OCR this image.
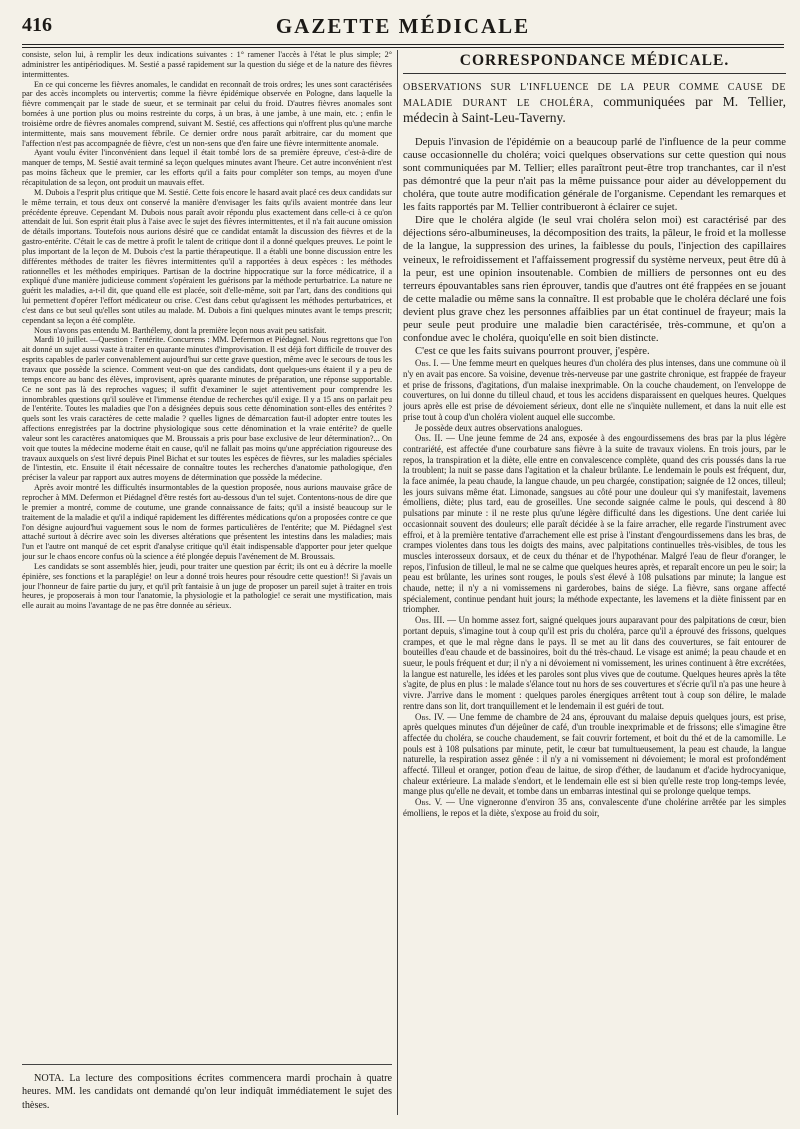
416	GAZETTE MÉDICALE

consiste, selon lui, à remplir les deux indications suivantes : 1° ramener l'accès à l'état le plus simple; 2° administrer les antipériodiques. M. Sestié a passé rapidement sur la question du siége et de la nature des fièvres intermittentes.

En ce qui concerne les fièvres anomales, le candidat en reconnaît de trois ordres; les unes sont caractérisées par des accès incomplets ou intervertis; comme la fièvre épidémique observée en Pologne, dans laquelle la fièvre commençait par le stade de sueur, et se terminait par celui du froid. D'autres fièvres anomales sont bornées à une portion plus ou moins restreinte du corps, à un bras, à une jambe, à une main, etc. ; enfin le troisième ordre de fièvres anomales comprend, suivant M. Sestié, ces affections qui n'offrent plus qu'une marche intermittente, mais sans mouvement fébrile. Ce dernier ordre nous paraît arbitraire, car du moment que l'affection n'est pas accompagnée de fièvre, c'est un non-sens que d'en faire une fièvre intermittente anomale.

Ayant voulu éviter l'inconvénient dans lequel il était tombé lors de sa première épreuve, c'est-à-dire de manquer de temps, M. Sestié avait terminé sa leçon quelques minutes avant l'heure. Cet autre inconvénient n'est pas moins fâcheux que le premier, car les efforts qu'il a faits pour compléter son temps, au moyen d'une récapitulation de sa leçon, ont produit un mauvais effet.

M. Dubois a l'esprit plus critique que M. Sestié. Cette fois encore le hasard avait placé ces deux candidats sur le même terrain, et tous deux ont conservé la manière d'envisager les faits qu'ils avaient montrée dans leur précédente épreuve. Cependant M. Dubois nous paraît avoir répondu plus exactement dans celle-ci à ce qu'on attendait de lui. Son esprit était plus à l'aise avec le sujet des fièvres intermittentes, et il n'a fait aucune omission de détails importans. Toutefois nous aurions désiré que ce candidat entamât la discussion des fièvres et de la gastro-entérite. C'était le cas de mettre à profit le talent de critique dont il a donné quelques preuves. Le point le plus important de la leçon de M. Dubois c'est la partie thérapeutique. Il a établi une bonne discussion entre les différentes méthodes de traiter les fièvres intermittentes qu'il a rapportées à deux espèces : les méthodes rationnelles et les méthodes empiriques. Partisan de la doctrine hippocratique sur la force médicatrice, il a expliqué d'une manière judicieuse comment s'opéraient les guérisons par la méthode perturbatrice. La nature ne guérit les maladies, a-t-il dit, que quand elle est placée, soit d'elle-même, soit par l'art, dans des conditions qui lui permettent d'opérer l'effort médicateur ou crise. C'est dans cebut qu'agissent les méthodes perturbatrices, et c'est dans ce but seul qu'elles sont utiles au malade. M. Dubois a fini quelques minutes avant le temps prescrit; cependant sa leçon a été complète.

Nous n'avons pas entendu M. Barthélemy, dont la première leçon nous avait peu satisfait.

Mardi 10 juillet. —Question : l'entérite. Concurrens : MM. Defermon et Piédagnel. Nous regrettons que l'on ait donné un sujet aussi vaste à traiter en quarante minutes d'improvisation. Il est déjà fort difficile de trouver des esprits capables de parler convenablement aujourd'hui sur cette grave question, même avec le secours de tous les travaux que possède la science. Comment veut-on que des candidats, dont quelques-uns étaient il y a peu de temps encore au banc des élèves, improvisent, après quarante minutes de préparation, une réponse supportable. Ce ne sont pas là des reproches vagues; il suffit d'examiner le sujet attentivement pour comprendre les innombrables questions qu'il soulève et l'immense étendue de recherches qu'il exige. Il y a 15 ans on parlait peu de l'entérite. Toutes les maladies que l'on a désignées depuis sous cette dénomination sont-elles des entérites ? quels sont les vrais caractères de cette maladie ? quelles lignes de démarcation faut-il adopter entre toutes les affections enregistrées par la doctrine physiologique sous cette dénomination et la vraie entérite? de quelle valeur sont les caractères anatomiques que M. Broussais a pris pour base exclusive de leur détermination?... On voit que toutes la médecine moderne était en cause, qu'il ne fallait pas moins qu'une appréciation rigoureuse des travaux auxquels on s'est livré depuis Pinel Bichat et sur toutes les espèces de fièvres, sur les maladies spéciales de l'intestin, etc. Ensuite il était nécessaire de connaître toutes les recherches d'anatomie pathologique, d'en préciser la valeur par rapport aux autres moyens de détermination que possède la médecine.

Après avoir montré les difficultés insurmontables de la question proposée, nous aurions mauvaise grâce de reprocher à MM. Defermon et Piédagnel d'être restés fort au-dessous d'un tel sujet. Contentons-nous de dire que le premier a montré, comme de coutume, une grande connaissance de faits; qu'il a insisté beaucoup sur le traitement de la maladie et qu'il a indiqué rapidement les différentes médications qu'on a proposées contre ce que l'on désigne aujourd'hui vaguement sous le nom de formes particulières de l'entérite; que M. Piédagnel s'est attaché surtout à décrire avec soin les diverses altérations que présentent les intestins dans les maladies; mais l'un et l'autre ont manqué de cet esprit d'analyse critique qu'il était indispensable d'apporter pour jeter quelque jour sur le chaos encore confus où la science a été plongée depuis l'avénement de M. Broussais.

Les candidats se sont assemblés hier, jeudi, pour traiter une question par écrit; ils ont eu à décrire la moelle épinière, ses fonctions et la paraplégie! on leur a donné trois heures pour résoudre cette question!! Si j'avais un jour l'honneur de faire partie du jury, et qu'il prît fantaisie à un juge de proposer un pareil sujet à traiter en trois heures, je proposerais à mon tour l'anatomie, la physiologie et la pathologie! ce serait une mystification, mais elle aurait au moins l'avantage de ne pas être donnée au sérieux.

NOTA. La lecture des compositions écrites commencera mardi prochain à quatre heures. MM. les candidats ont demandé qu'on leur indiquât immédiatement le sujet des thèses.

CORRESPONDANCE MÉDICALE.

OBSERVATIONS SUR L'INFLUENCE DE LA PEUR COMME CAUSE DE MALADIE DURANT LE CHOLÉRA, communiquées par M. Tellier, médecin à Saint-Leu-Taverny.

Depuis l'invasion de l'épidémie on a beaucoup parlé de l'influence de la peur comme cause occasionnelle du choléra; voici quelques observations sur cette question qui nous sont communiquées par M. Tellier; elles paraîtront peut-être trop tranchantes, car il n'est pas démontré que la peur n'ait pas la même puissance pour aider au développement du choléra, que toute autre modification générale de l'organisme. Cependant les remarques et les faits rapportés par M. Tellier contribueront à éclairer ce sujet.

Dire que le choléra algide (le seul vrai choléra selon moi) est caractérisé par des déjections séro-albumineuses, la décomposition des traits, la pâleur, le froid et la mollesse de la langue, la suppression des urines, la faiblesse du pouls, l'injection des capillaires veineux, le refroidissement et l'affaissement progressif du système nerveux, peut être dû à la peur, est une opinion insoutenable. Combien de milliers de personnes ont eu des terreurs épouvantables sans rien éprouver, tandis que d'autres ont été frappées en se jouant de cette maladie ou même sans la connaître. Il est probable que le choléra déclaré une fois devient plus grave chez les personnes affaiblies par un état continuel de frayeur; mais la peur seule peut produire une maladie bien caractérisée, très-commune, et qu'on a confondue avec le choléra, quoiqu'elle en soit bien distincte.

C'est ce que les faits suivans pourront prouver, j'espère.

Obs. I. — Une femme meurt en quelques heures d'un choléra des plus intenses, dans une commune où il n'y en avait pas encore. Sa voisine, devenue très-nerveuse par une gastrite chronique, est frappée de frayeur et prise de frissons, d'agitations, d'un malaise inexprimable. On la couche chaudement, on l'enveloppe de couvertures, on lui donne du tilleul chaud, et tous les accidens disparaissent en quelques heures. Quelques jours après elle est prise de dévoiement sérieux, dont elle ne s'inquiète nullement, et dans la nuit elle est prise tout à coup d'un choléra violent auquel elle succombe.

Je possède deux autres observations analogues.

Obs. II. — Une jeune femme de 24 ans, exposée à des engourdissemens des bras par la plus légère contrariété, est affectée d'une courbature sans fièvre à la suite de travaux violens. En trois jours, par le repos, la transpiration et la diète, elle entre en convalescence complète, quand des cris poussés dans la rue la troublent; la nuit se passe dans l'agitation et la chaleur brûlante. Le lendemain le pouls est fréquent, dur, la face animée, la peau chaude, la langue chaude, un peu chargée, constipation; saignée de 12 onces, tilleul; les jours suivans même état. Limonade, sangsues au côté pour une douleur qui s'y manifestait, lavemens émolliens, diète; plus tard, eau de groseilles. Une seconde saignée calme le pouls, qui descend à 80 pulsations par minute : il ne reste plus qu'une légère difficulté dans les digestions. Une dent cariée lui occasionnait souvent des douleurs; elle paraît décidée à se la faire arracher, elle regarde l'instrument avec effroi, et à la première tentative d'arrachement elle est prise à l'instant d'engourdissemens dans les bras, de crampes violentes dans tous les doigts des mains, avec palpitations continuelles très-visibles, de tous les muscles interosseux dorsaux, et de ceux du thénar et de l'hypothénar. Malgré l'eau de fleur d'oranger, le repos, l'infusion de tilleul, le mal ne se calme que quelques heures après, et reparaît encore un peu le soir; la peau est brûlante, les urines sont rouges, le pouls s'est élevé à 108 pulsations par minute; la langue est chaude, nette; il n'y a ni vomissemens ni garderobes, bains de siége. La fièvre, sans organe affecté spécialement, continue pendant huit jours; la méthode expectante, les lavemens et la diète finissent par en triompher.

Obs. III. — Un homme assez fort, saigné quelques jours auparavant pour des palpitations de cœur, bien portant depuis, s'imagine tout à coup qu'il est pris du choléra, parce qu'il a éprouvé des frissons, quelques crampes, et que le mal règne dans le pays. Il se met au lit dans des couvertures, se fait entourer de bouteilles d'eau chaude et de bassinoires, boit du thé très-chaud. Le visage est animé; la peau chaude et en sueur, le pouls fréquent et dur; il n'y a ni dévoiement ni vomissement, les urines continuent à être excrétées, la langue est naturelle, les idées et les paroles sont plus vives que de coutume. Quelques heures après la tête s'agite, de plus en plus : le malade s'élance tout nu hors de ses couvertures et s'écrie qu'il n'a pas une heure à vivre. J'arrive dans le moment : quelques paroles énergiques arrêtent tout à coup son délire, le malade rentre dans son lit, dort tranquillement et le lendemain il est guéri de tout.

Obs. IV. — Une femme de chambre de 24 ans, éprouvant du malaise depuis quelques jours, est prise, après quelques minutes d'un déjeûner de café, d'un trouble inexprimable et de frissons; elle s'imagine être affectée du choléra, se couche chaudement, se fait couvrir fortement, et boit du thé et de la camomille. Le pouls est à 108 pulsations par minute, petit, le cœur bat tumultueusement, la peau est chaude, la langue naturelle, la respiration assez gênée : il n'y a ni vomissement ni dévoiement; le moral est profondément affecté. Tilleul et oranger, potion d'eau de laitue, de sirop d'éther, de laudanum et d'acide hydrocyanique, chaleur extérieure. La malade s'endort, et le lendemain elle est si bien qu'elle reste trop long-temps levée, mange plus qu'elle ne devait, et tombe dans un embarras intestinal qui se prolonge quelque temps.

Obs. V. — Une vigneronne d'environ 35 ans, convalescente d'une cholérine arrêtée par les simples émolliens, le repos et la diète, s'expose au froid du soir,
